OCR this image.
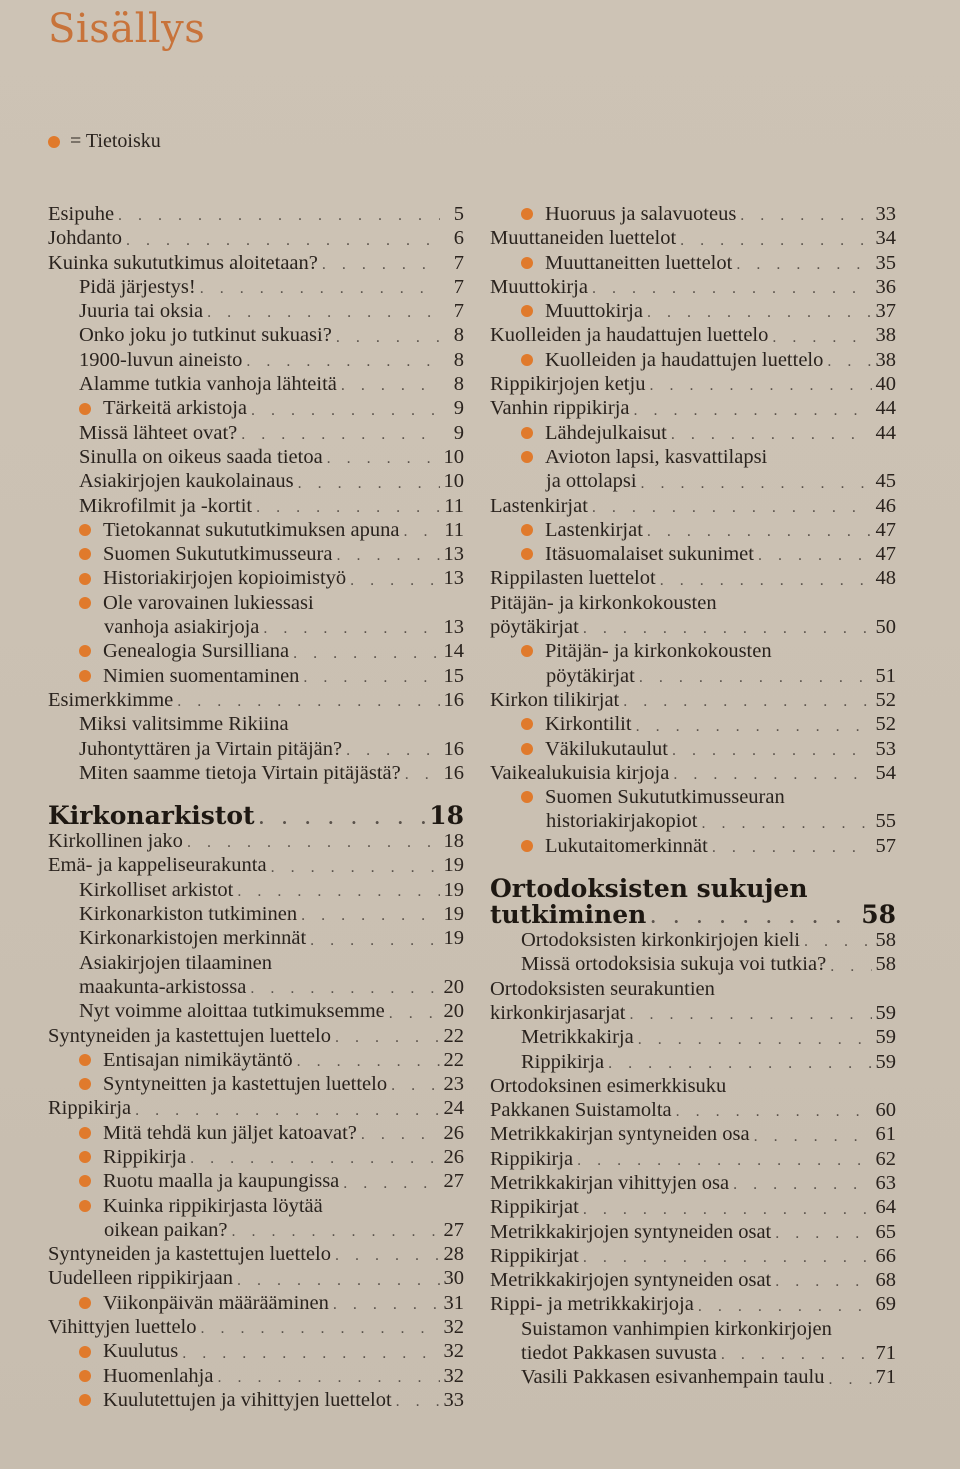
Sisällys
= Tietoisku
Esipuhe . . .	5
Johdanto . . .	6
Kuinka sukututkimus aloitetaan? . . .	7
Pidä järjestys! . . .	7
Juuria tai oksia . . .	7
Onko joku jo tutkinut sukuasi? . . .	8
1900-luvun aineisto . . .	8
Alamme tutkia vanhoja lähteitä . . .	8
Tärkeitä arkistoja . . .	9
Missä lähteet ovat? . . .	9
Sinulla on oikeus saada tietoa . . .	10
Asiakirjojen kaukolainaus . . .	10
Mikrofilmit ja -kortit . . .	11
Tietokannat sukututkimuksen apuna . . . 11
Suomen Sukututkimusseura . . .	13
Historiakirjojen kopioimistyö . . .	13
Ole varovainen lukiessasi
vanhoja asiakirjoja . . .	13
Genealogia Sursilliana . . .	14
Nimien suomentaminen . . .	15
Esimerkkimme . . .	16
Miksi valitsimme Rikiina
Juhontyttären ja Virtain pitäjän? . . .	16
Miten saamme tietoja Virtain pitäjästä? . . . 16
Kirkonarkistot . . .	18
Kirkollinen jako . . .	18
Emä- ja kappeliseurakunta . . .	19
Kirkolliset arkistot . . .	19
Kirkonarkiston tutkiminen . . .	19
Kirkonarkistojen merkinnät . . .	19
Asiakirjojen tilaaminen
maakunta-arkistossa . . .	20
Nyt voimme aloittaa tutkimuksemme . . .	20
Syntyneiden ja kastettujen luettelo . . .	22
Entisajan nimikäytäntö . . .	22
Syntyneitten ja kastettujen luettelo . . .	23
Rippikirja . . .	24
Mitä tehdä kun jäljet katoavat? . . .	26
Rippikirja . . .	26
Ruotu maalla ja kaupungissa . . .	27
Kuinka rippikirjasta löytää
oikean paikan? . . .	27
Syntyneiden ja kastettujen luettelo . . .	28
Uudelleen rippikirjaan . . .	30
Viikonpäivän määrääminen . . .	31
Vihittyjen luettelo . . .	32
Kuulutus . . .	32
Huomenlahja . . .	32
Kuulutettujen ja vihittyjen luettelot . . .	33
Huoruus ja salavuoteus . . .	33
Muuttaneiden luettelot . . .	34
Muuttaneitten luettelot . . .	35
Muuttokirja . . .	36
Muuttokirja . . .	37
Kuolleiden ja haudattujen luettelo . . .	38
Kuolleiden ja haudattujen luettelo . . .	38
Rippikirjojen ketju . . .	40
Vanhin rippikirja . . .	44
Lähdejulkaisut . . .	44
Avioton lapsi, kasvattilapsi
ja ottolapsi . . .	45
Lastenkirjat . . .	46
Lastenkirjat . . .	47
Itäsuomalaiset sukunimet . . .	47
Rippilasten luettelot . . .	48
Pitäjän- ja kirkonkokousten
pöytäkirjat . . .	50
Pitäjän- ja kirkonkokousten
pöytäkirjat . . .	51
Kirkon tilikirjat . . .	52
Kirkontilit . . .	52
Väkilukutaulut . . .	53
Vaikealukuisia kirjoja . . .	54
Suomen Sukututkimusseuran
historiakirjakopiot . . .	55
Lukutaitomerkinnät . . .	57
Ortodoksisten sukujen
tutkiminen . . .	58
Ortodoksisten kirkonkirjojen kieli . . .	58
Missä ortodoksisia sukuja voi tutkia? . . . 58
Ortodoksisten seurakuntien
kirkonkirjasarjat . . .	59
Metrikkakirja . . .	59
Rippikirja . . .	59
Ortodoksinen esimerkkisuku
Pakkanen Suistamolta . . .	60
Metrikkakirjan syntyneiden osa . . .	61
Rippikirja . . .	62
Metrikkakirjan vihittyjen osa . . .	63
Rippikirjat . . .	64
Metrikkakirjojen syntyneiden osat . . .	65
Rippikirjat . . .	66
Metrikkakirjojen syntyneiden osat . . .	68
Rippi- ja metrikkakirjoja . . .	69
Suistamon vanhimpien kirkonkirjojen
tiedot Pakkasen suvusta . . .	71
Vasili Pakkasen esivanhempain taulu . . . 71
